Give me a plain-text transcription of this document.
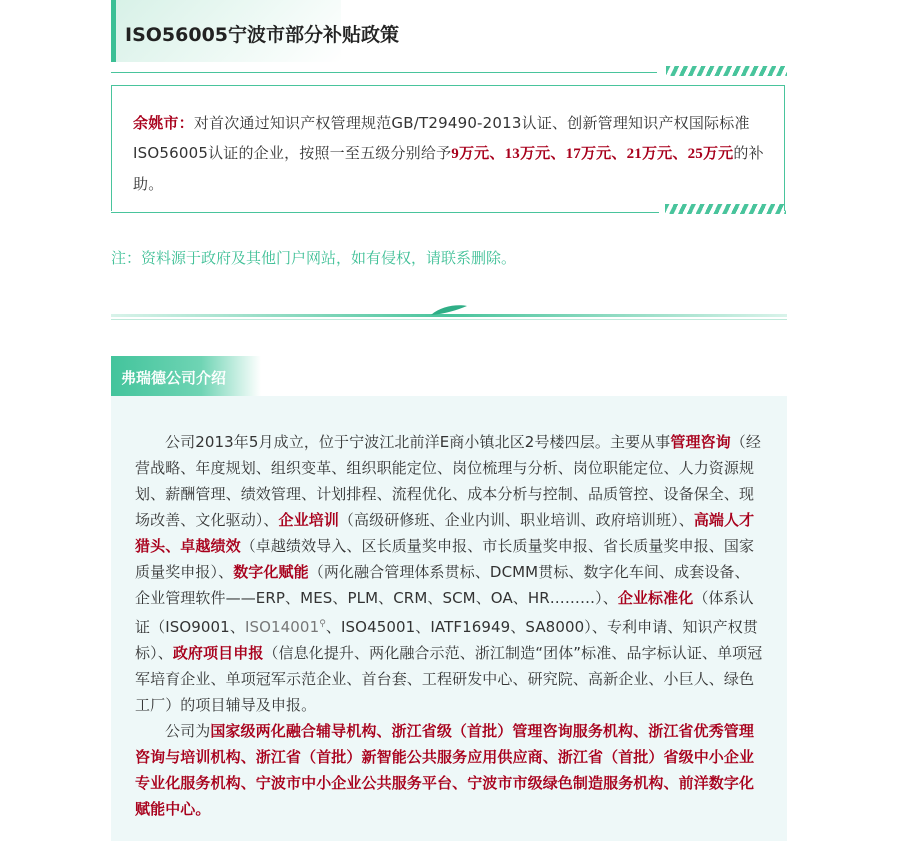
ISO56005宁波市部分补贴政策

余姚市：对首次通过知识产权管理规范GB/T29490-2013认证、创新管理知识产权国际标准ISO56005认证的企业，按照一至五级分别给予9万元、13万元、17万元、21万元、25万元的补助。

注：资料源于政府及其他门户网站，如有侵权，请联系删除。
弗瑞德公司介绍

公司2013年5月成立，位于宁波江北前洋E商小镇北区2号楼四层。主要从事管理咨询（经营战略、年度规划、组织变革、组织职能定位、岗位梳理与分析、岗位职能定位、人力资源规划、薪酬管理、绩效管理、计划排程、流程优化、成本分析与控制、品质管控、设备保全、现场改善、文化驱动）、企业培训（高级研修班、企业内训、职业培训、政府培训班）、高端人才猎头、卓越绩效（卓越绩效导入、区长质量奖申报、市长质量奖申报、省长质量奖申报、国家质量奖申报）、数字化赋能（两化融合管理体系贯标、DCMM贯标、数字化车间、成套设备、 企业管理软件——ERP、MES、PLM、CRM、SCM、OA、HR………）、企业标准化（体系认证（ISO9001、ISO14001⚲、ISO45001、IATF16949、SA8000）、专利申请、知识产权贯标）、政府项目申报（信息化提升、两化融合示范、浙江制造“团体”标准、品字标认证、单项冠军培育企业、单项冠军示范企业、首台套、工程研发中心、研究院、高新企业、小巨人、绿色工厂）的项目辅导及申报。

公司为国家级两化融合辅导机构、浙江省级（首批）管理咨询服务机构、浙江省优秀管理咨询与培训机构、浙江省（首批）新智能公共服务应用供应商、浙江省（首批）省级中小企业专业化服务机构、宁波市中小企业公共服务平台、宁波市市级绿色制造服务机构、前洋数字化赋能中心。
